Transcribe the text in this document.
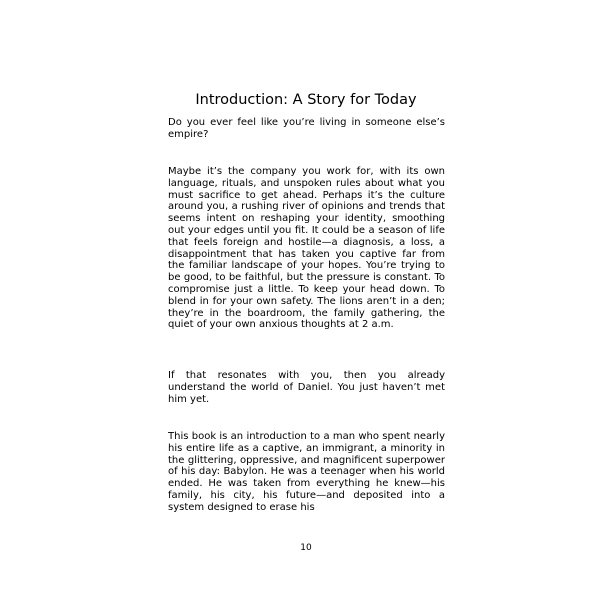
Introduction: A Story for Today

Do you ever feel like you’re living in someone else’s empire?

Maybe it’s the company you work for, with its own language, rituals, and unspoken rules about what you must sacrifice to get ahead. Perhaps it’s the culture around you, a rushing river of opinions and trends that seems intent on reshaping your identity, smoothing out your edges until you fit. It could be a season of life that feels foreign and hostile—a diagnosis, a loss, a disappointment that has taken you captive far from the familiar landscape of your hopes. You’re trying to be good, to be faithful, but the pressure is constant. To compromise just a little. To keep your head down. To blend in for your own safety. The lions aren’t in a den; they’re in the boardroom, the family gathering, the quiet of your own anxious thoughts at 2 a.m.

If that resonates with you, then you already understand the world of Daniel. You just haven’t met him yet.

This book is an introduction to a man who spent nearly his entire life as a captive, an immigrant, a minority in the glittering, oppressive, and magnificent superpower of his day: Babylon. He was a teenager when his world ended. He was taken from everything he knew—his family, his city, his future—and deposited into a system designed to erase his

10
